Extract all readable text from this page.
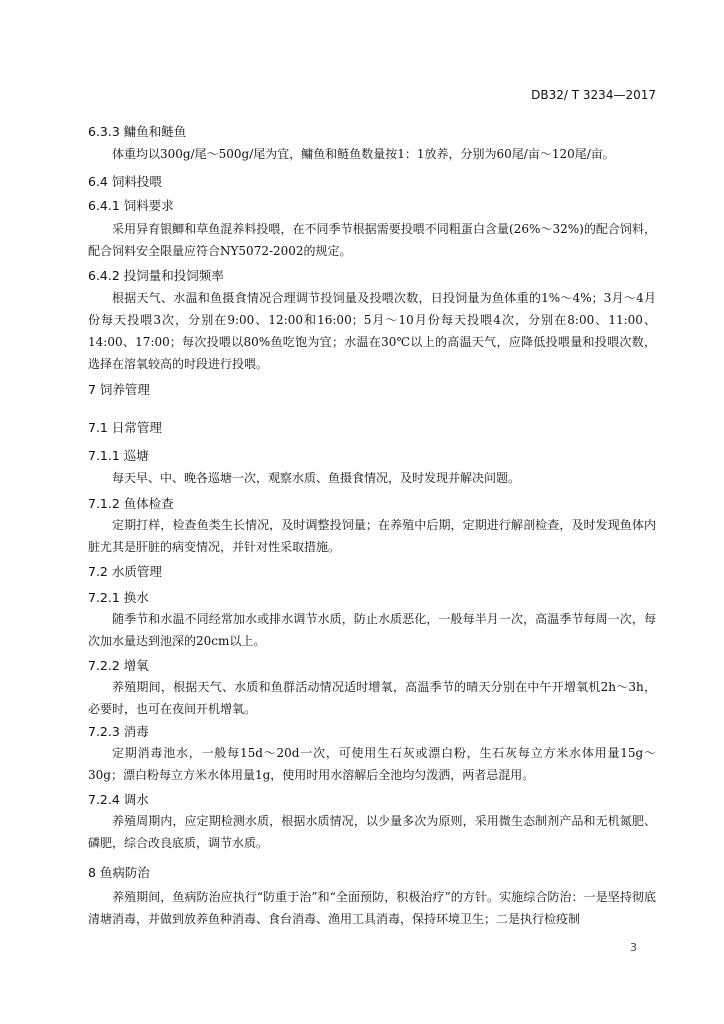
DB32/ T 3234—2017
6.3.3 鳙鱼和鲢鱼
体重均以300g/尾～500g/尾为宜，鳙鱼和鲢鱼数量按1：1放养，分别为60尾/亩～120尾/亩。
6.4 饲料投喂
6.4.1 饲料要求
采用异育银鲫和草鱼混养料投喂，在不同季节根据需要投喂不同粗蛋白含量(26%～32%)的配合饲料，配合饲料安全限量应符合NY5072-2002的规定。
6.4.2 投饲量和投饲频率
根据天气、水温和鱼摄食情况合理调节投饲量及投喂次数，日投饲量为鱼体重的1%～4%；3月～4月份每天投喂3次，分别在9:00、12:00和16:00；5月～10月份每天投喂4次，分别在8:00、11:00、14:00、17:00；每次投喂以80%鱼吃饱为宜；水温在30℃以上的高温天气，应降低投喂量和投喂次数，选择在溶氧较高的时段进行投喂。
7 饲养管理
7.1 日常管理
7.1.1 巡塘
每天早、中、晚各巡塘一次，观察水质、鱼摄食情况，及时发现并解决问题。
7.1.2 鱼体检查
定期打样，检查鱼类生长情况，及时调整投饲量；在养殖中后期，定期进行解剖检查，及时发现鱼体内脏尤其是肝脏的病变情况，并针对性采取措施。
7.2 水质管理
7.2.1 换水
随季节和水温不同经常加水或排水调节水质，防止水质恶化，一般每半月一次，高温季节每周一次，每次加水量达到池深的20cm以上。
7.2.2 增氧
养殖期间，根据天气、水质和鱼群活动情况适时增氧，高温季节的晴天分别在中午开增氧机2h～3h，必要时，也可在夜间开机增氧。
7.2.3 消毒
定期消毒池水，一般每15d～20d一次，可使用生石灰或漂白粉，生石灰每立方米水体用量15g～30g；漂白粉每立方米水体用量1g，使用时用水溶解后全池均匀泼洒，两者忌混用。
7.2.4 调水
养殖周期内，应定期检测水质，根据水质情况，以少量多次为原则，采用微生态制剂产品和无机氮肥、磷肥，综合改良底质，调节水质。
8 鱼病防治
养殖期间，鱼病防治应执行“防重于治”和“全面预防，积极治疗”的方针。实施综合防治：一是坚持彻底清塘消毒，并做到放养鱼种消毒、食台消毒、渔用工具消毒，保持环境卫生；二是执行检疫制
3
